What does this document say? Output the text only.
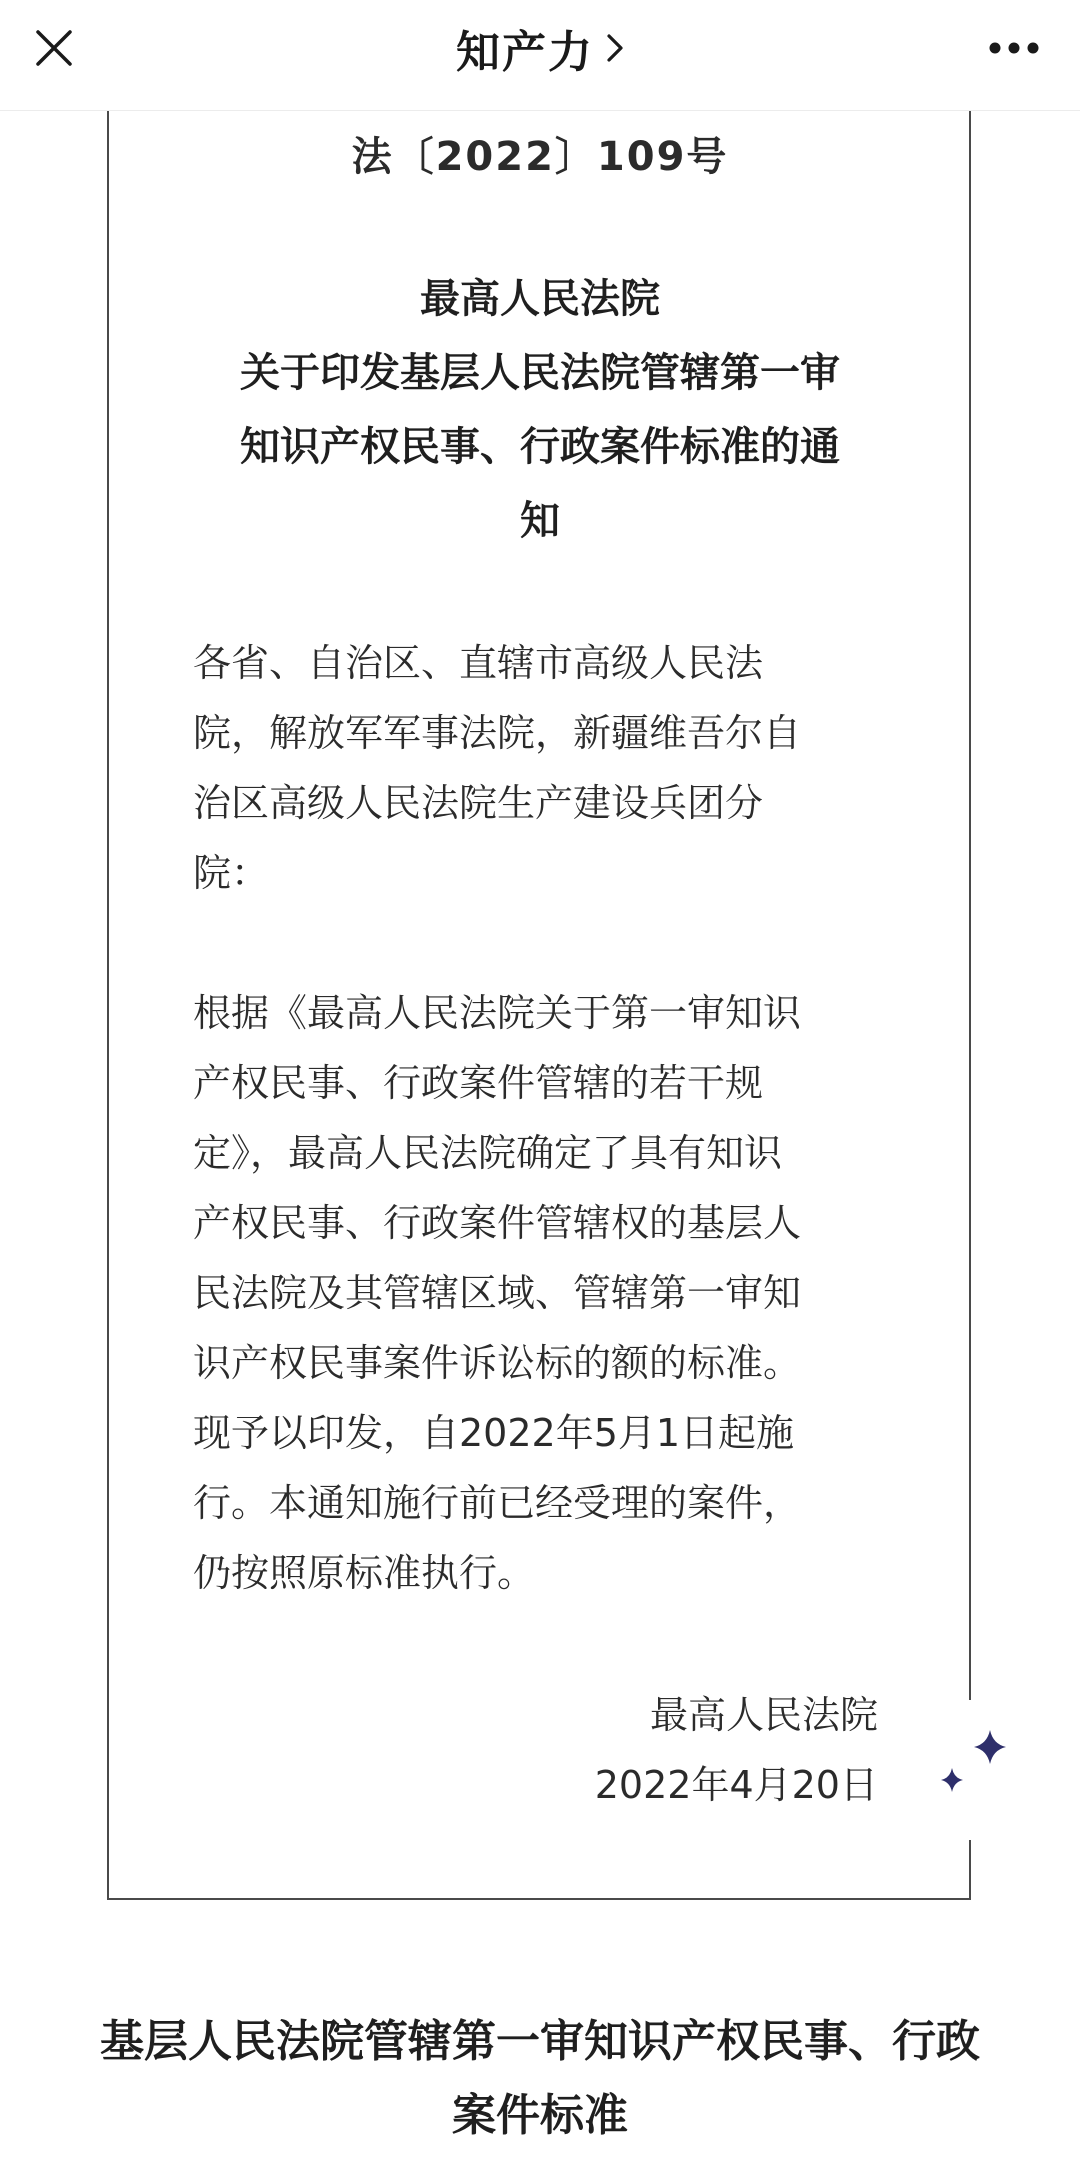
知产力
法〔2022〕109号
最高人民法院
关于印发基层人民法院管辖第一审
知识产权民事、行政案件标准的通
知
各省、自治区、直辖市高级人民法
院，解放军军事法院，新疆维吾尔自
治区高级人民法院生产建设兵团分
院：
根据《最高人民法院关于第一审知识
产权民事、行政案件管辖的若干规
定》，最高人民法院确定了具有知识
产权民事、行政案件管辖权的基层人
民法院及其管辖区域、管辖第一审知
识产权民事案件诉讼标的额的标准。
现予以印发，自2022年5月1日起施
行。本通知施行前已经受理的案件，
仍按照原标准执行。
最高人民法院
2022年4月20日
基层人民法院管辖第一审知识产权民事、行政
案件标准
